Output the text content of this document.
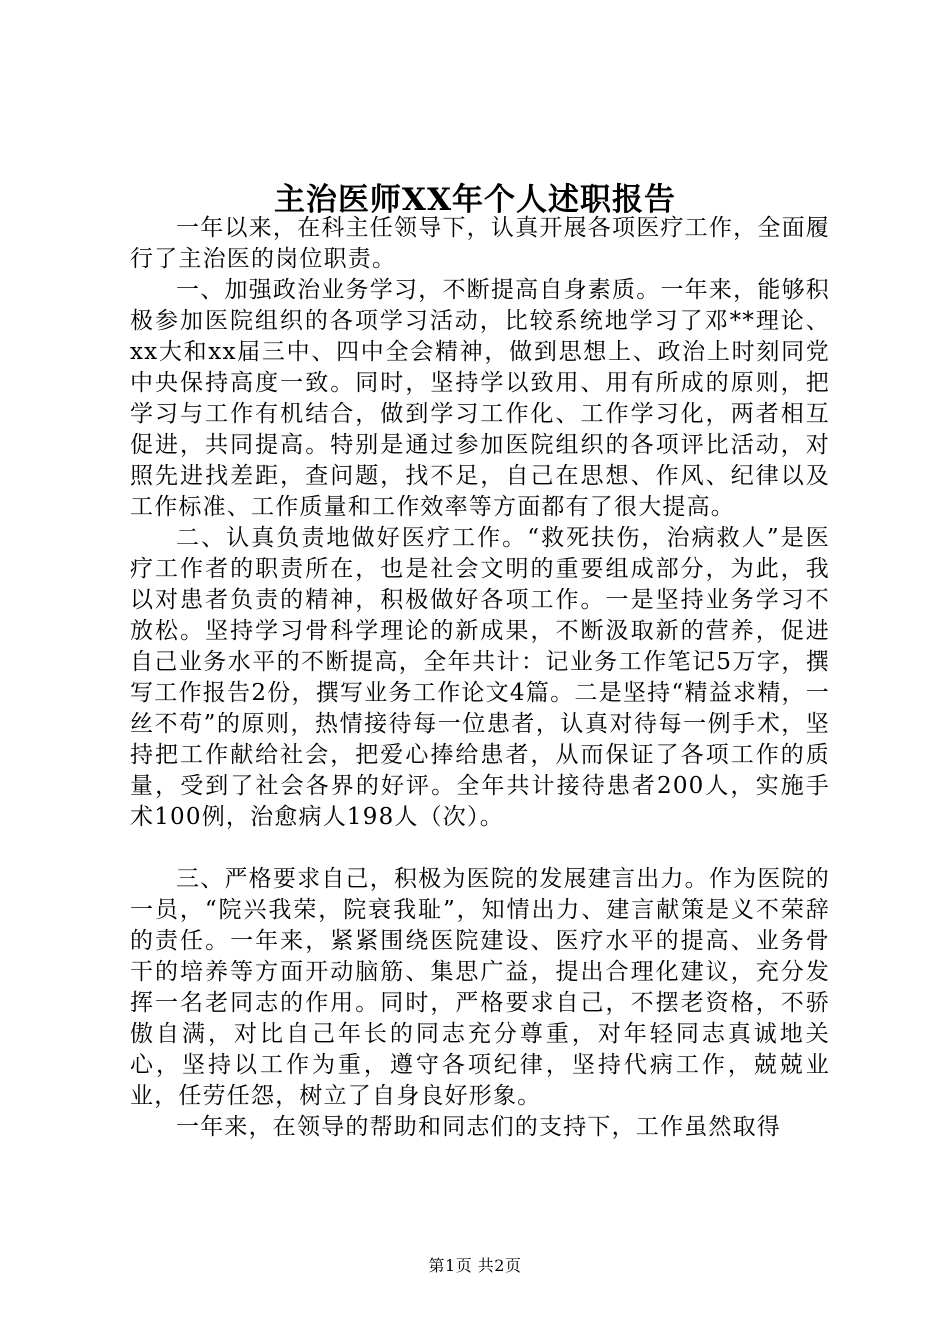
主治医师XX年个人述职报告

一年以来，在科主任领导下，认真开展各项医疗工作，全面履行了主治医的岗位职责。

一、加强政治业务学习，不断提高自身素质。一年来，能够积极参加医院组织的各项学习活动，比较系统地学习了邓**理论、xx大和xx届三中、四中全会精神，做到思想上、政治上时刻同党中央保持高度一致。同时，坚持学以致用、用有所成的原则，把学习与工作有机结合，做到学习工作化、工作学习化，两者相互促进，共同提高。特别是通过参加医院组织的各项评比活动，对照先进找差距，查问题，找不足，自己在思想、作风、纪律以及工作标准、工作质量和工作效率等方面都有了很大提高。

二、认真负责地做好医疗工作。“救死扶伤，治病救人”是医疗工作者的职责所在，也是社会文明的重要组成部分，为此，我以对患者负责的精神，积极做好各项工作。一是坚持业务学习不放松。坚持学习骨科学理论的新成果，不断汲取新的营养，促进自己业务水平的不断提高，全年共计：记业务工作笔记5万字，撰写工作报告2份，撰写业务工作论文4篇。二是坚持“精益求精，一丝不苟”的原则，热情接待每一位患者，认真对待每一例手术，坚持把工作献给社会，把爱心捧给患者，从而保证了各项工作的质量，受到了社会各界的好评。全年共计接待患者200人，实施手术100例，治愈病人198人（次）。

三、严格要求自己，积极为医院的发展建言出力。作为医院的一员，“院兴我荣，院衰我耻”，知情出力、建言献策是义不荣辞的责任。一年来，紧紧围绕医院建设、医疗水平的提高、业务骨干的培养等方面开动脑筋、集思广益，提出合理化建议，充分发挥一名老同志的作用。同时，严格要求自己，不摆老资格，不骄傲自满，对比自己年长的同志充分尊重，对年轻同志真诚地关心，坚持以工作为重，遵守各项纪律，坚持代病工作，兢兢业业，任劳任怨，树立了自身良好形象。

一年来，在领导的帮助和同志们的支持下，工作虽然取得

第1页 共2页
